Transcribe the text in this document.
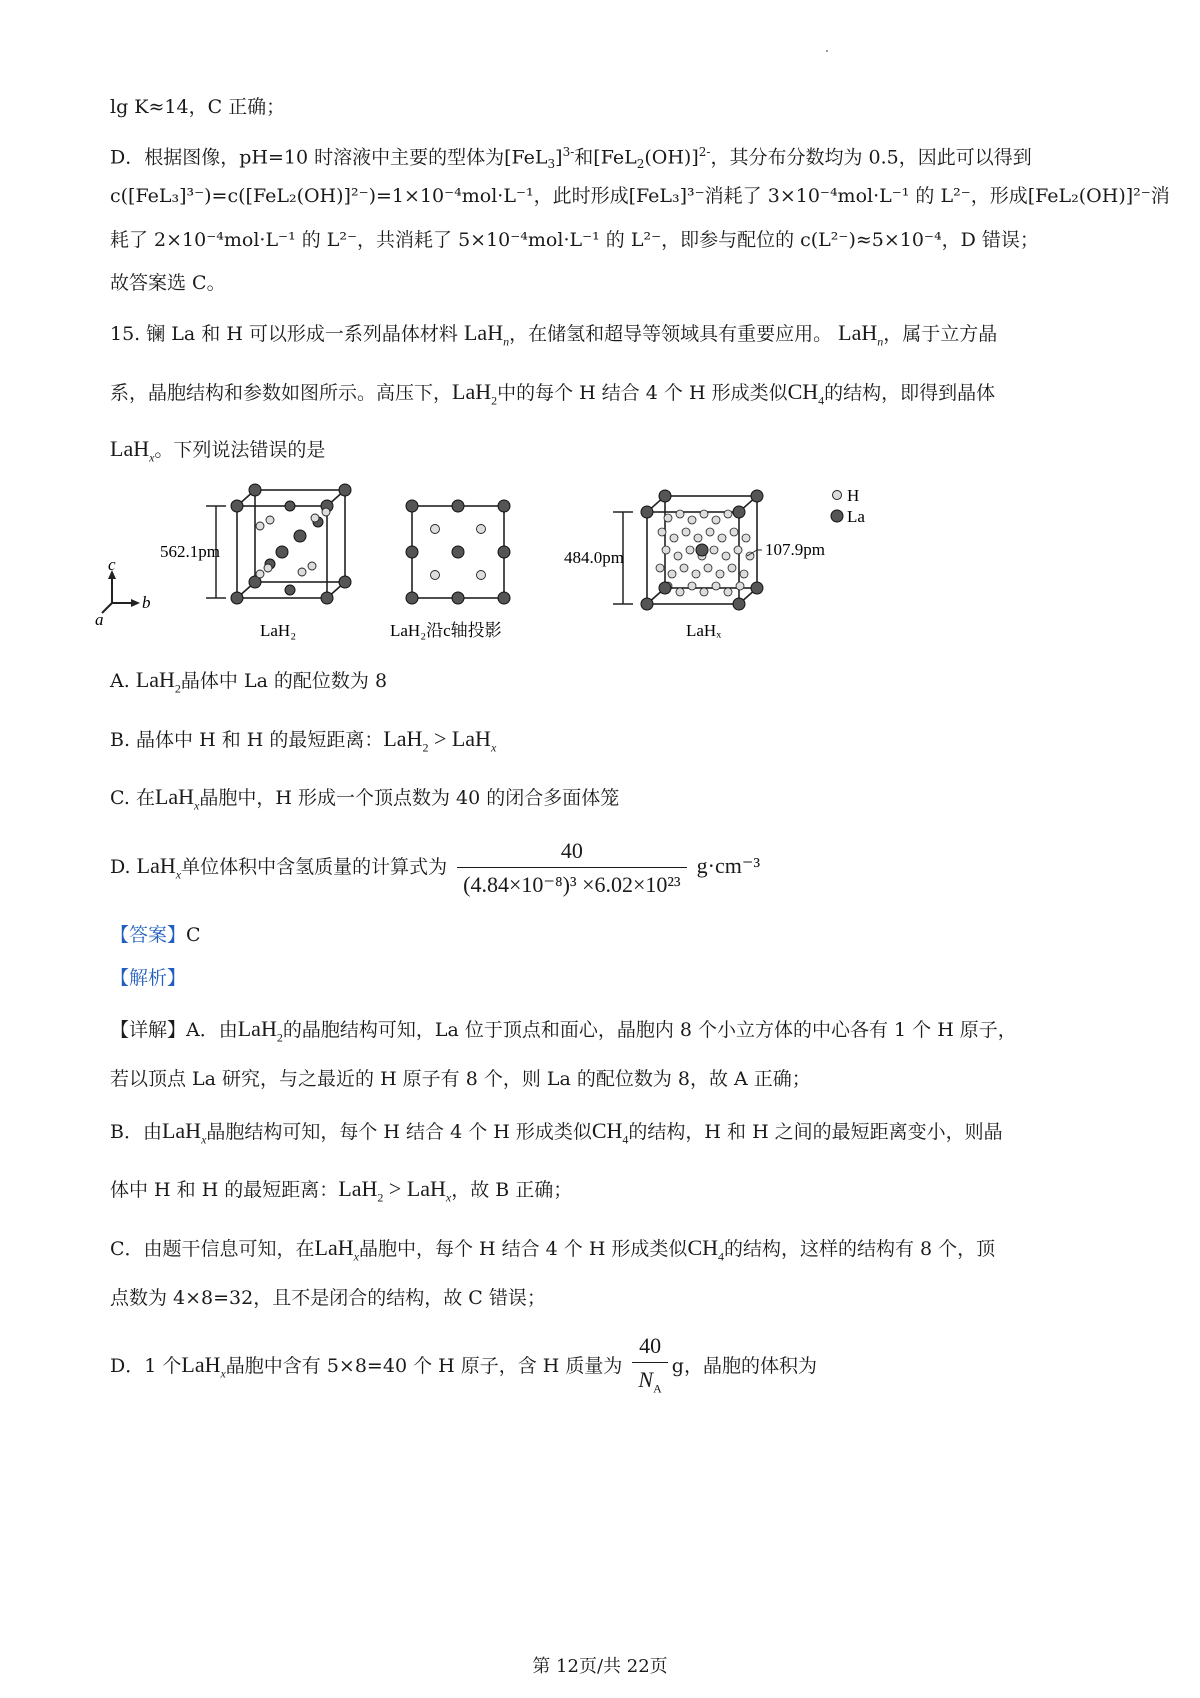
lg K≈14，C 正确；
D．根据图像，pH=10 时溶液中主要的型体为$[FeL_3]^{3-}$和$[FeL_2(OH)]^{2-}$，其分布分数均为 0.5，因此可以得到
c([FeL₃]³⁻)=c([FeL₂(OH)]²⁻)=1×10⁻⁴mol·L⁻¹，此时形成[FeL₃]³⁻消耗了 3×10⁻⁴mol·L⁻¹ 的 L²⁻，形成[FeL₂(OH)]²⁻消
耗了 2×10⁻⁴mol·L⁻¹ 的 L²⁻，共消耗了 5×10⁻⁴mol·L⁻¹ 的 L²⁻，即参与配位的 c(L²⁻)≈5×10⁻⁴，D 错误；
故答案选 C。
15. 镧 La 和 H 可以形成一系列晶体材料 LaH$_n$，在储氢和超导等领域具有重要应用。 LaH$_n$，属于立方晶
系，晶胞结构和参数如图所示。高压下，LaH$_2$中的每个 H 结合 4 个 H 形成类似$CH_4$的结构，即得到晶体
LaH$_x$。下列说法错误的是
c
b
a
562.1pm
LaH₂	LaH₂沿c轴投影
484.0pm	107.9pm
LaHₓ
H
La
A. LaH$_2$晶体中 La 的配位数为 8
B. 晶体中 H 和 H 的最短距离：LaH$_2$ > LaH$_x$
C. 在LaH$_x$晶胞中，H 形成一个顶点数为 40 的闭合多面体笼
D. LaH$_x$单位体积中含氢质量的计算式为 $\frac{40}{\text{(4.84×10⁻⁸)³ ×6.02×10²³}} g\cdot cm^{-3}$
【答案】C
【解析】
【详解】A．由LaH$_2$的晶胞结构可知，La 位于顶点和面心，晶胞内 8 个小立方体的中心各有 1 个 H 原子，
若以顶点 La 研究，与之最近的 H 原子有 8 个，则 La 的配位数为 8，故 A 正确；
B．由LaH$_x$晶胞结构可知，每个 H 结合 4 个 H 形成类似$CH_4$的结构，H 和 H 之间的最短距离变小，则晶
体中 H 和 H 的最短距离：LaH$_2$ > LaH$_x$，故 B 正确；
C．由题干信息可知，在LaH$_x$晶胞中，每个 H 结合 4 个 H 形成类似$CH_4$的结构，这样的结构有 8 个，顶
点数为 4×8=32，且不是闭合的结构，故 C 错误；
D．1 个LaH$_x$晶胞中含有 5×8=40 个 H 原子，含 H 质量为 $\frac{40}{N_A}$ g，晶胞的体积为
第 12页/共 22页
